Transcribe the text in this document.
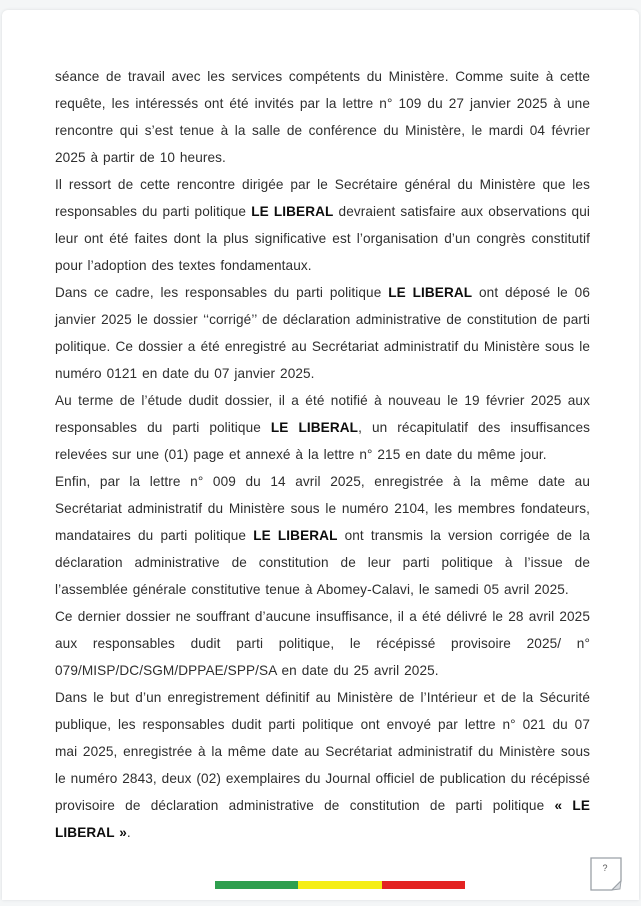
séance de travail avec les services compétents du Ministère. Comme suite à cette requête, les intéressés ont été invités par la lettre n° 109 du 27 janvier 2025 à une rencontre qui s’est tenue à la salle de conférence du Ministère, le mardi 04 février 2025 à partir de 10 heures.

Il ressort de cette rencontre dirigée par le Secrétaire général du Ministère que les responsables du parti politique LE LIBERAL devraient satisfaire aux observations qui leur ont été faites dont la plus significative est l’organisation d’un congrès constitutif pour l’adoption des textes fondamentaux.

Dans ce cadre, les responsables du parti politique LE LIBERAL ont déposé le 06 janvier 2025 le dossier ‘‘corrigé’’ de déclaration administrative de constitution de parti politique. Ce dossier a été enregistré au Secrétariat administratif du Ministère sous le numéro 0121 en date du 07 janvier 2025.

Au terme de l’étude dudit dossier, il a été notifié à nouveau le 19 février 2025 aux responsables du parti politique LE LIBERAL, un récapitulatif des insuffisances relevées sur une (01) page et annexé à la lettre n° 215 en date du même jour.

Enfin, par la lettre n° 009 du 14 avril 2025, enregistrée à la même date au Secrétariat administratif du Ministère sous le numéro 2104, les membres fondateurs, mandataires du parti politique LE LIBERAL ont transmis la version corrigée de la déclaration administrative de constitution de leur parti politique à l’issue de l’assemblée générale constitutive tenue à Abomey-Calavi, le samedi 05 avril 2025.

Ce dernier dossier ne souffrant d’aucune insuffisance, il a été délivré le 28 avril 2025 aux responsables dudit parti politique, le récépissé provisoire 2025/ n° 079/MISP/DC/SGM/DPPAE/SPP/SA en date du 25 avril 2025.

Dans le but d’un enregistrement définitif au Ministère de l’Intérieur et de la Sécurité publique, les responsables dudit parti politique ont envoyé par lettre n° 021 du 07 mai 2025, enregistrée à la même date au Secrétariat administratif du Ministère sous le numéro 2843, deux (02) exemplaires du Journal officiel de publication du récépissé provisoire de déclaration administrative de constitution de parti politique « LE LIBERAL ».

?
